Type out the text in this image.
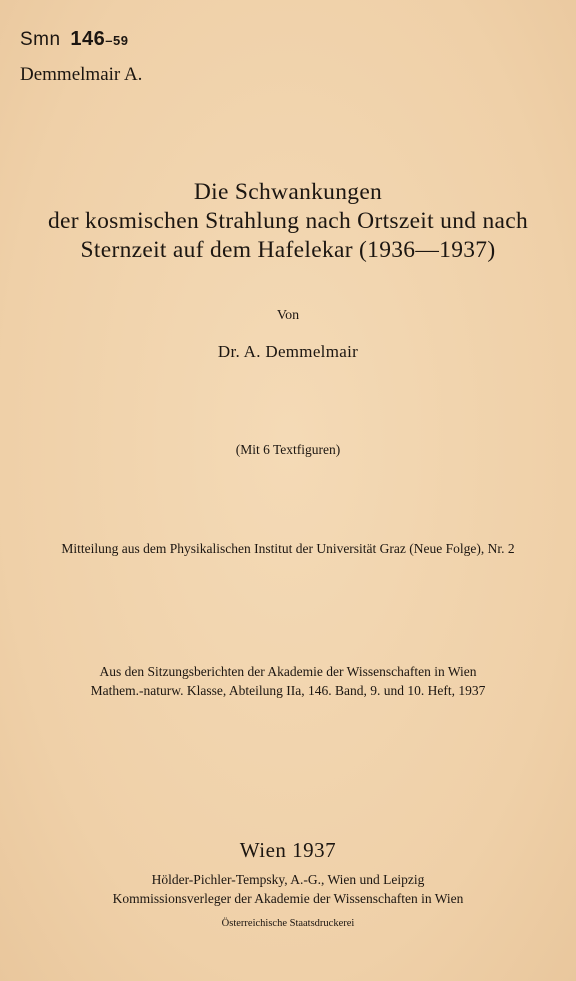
Smn 146–59
Demmelmair A.
Die Schwankungen
der kosmischen Strahlung nach Ortszeit und nach
Sternzeit auf dem Hafelekar (1936—1937)
Von
Dr. A. Demmelmair
(Mit 6 Textfiguren)
Mitteilung aus dem Physikalischen Institut der Universität Graz (Neue Folge), Nr. 2
Aus den Sitzungsberichten der Akademie der Wissenschaften in Wien
Mathem.-naturw. Klasse, Abteilung IIa, 146. Band, 9. und 10. Heft, 1937
Wien 1937
Hölder-Pichler-Tempsky, A.-G., Wien und Leipzig
Kommissionsverleger der Akademie der Wissenschaften in Wien
Österreichische Staatsdruckerei
